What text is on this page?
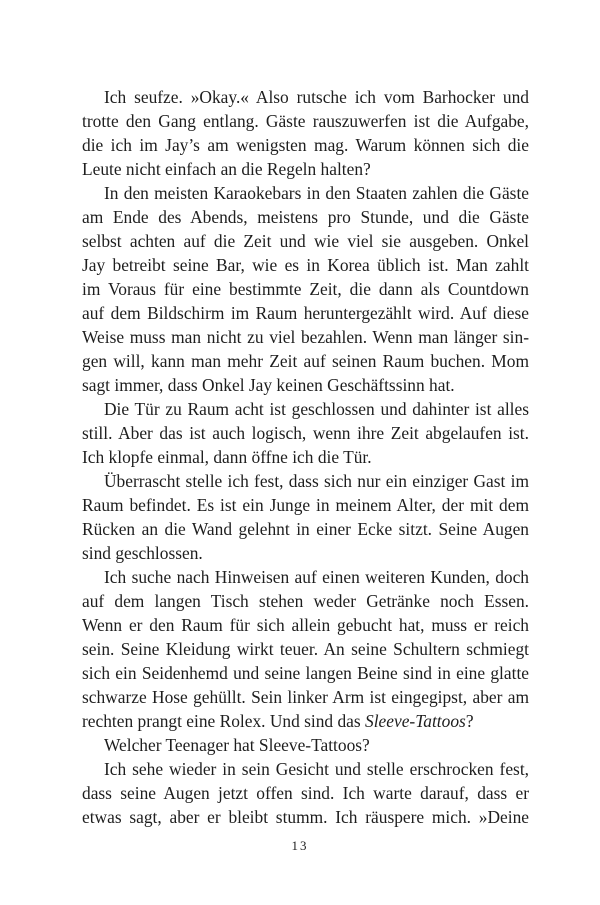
Ich seufze. »Okay.« Also rutsche ich vom Barhocker und
trotte den Gang entlang. Gäste rauszuwerfen ist die Aufgabe,
die ich im Jay’s am wenigsten mag. Warum können sich die
Leute nicht einfach an die Regeln halten?
In den meisten Karaokebars in den Staaten zahlen die Gäste
am Ende des Abends, meistens pro Stunde, und die Gäste
selbst achten auf die Zeit und wie viel sie ausgeben. Onkel
Jay betreibt seine Bar, wie es in Korea üblich ist. Man zahlt
im Voraus für eine bestimmte Zeit, die dann als Countdown
auf dem Bildschirm im Raum heruntergezählt wird. Auf diese
Weise muss man nicht zu viel bezahlen. Wenn man länger sin-
gen will, kann man mehr Zeit auf seinen Raum buchen. Mom
sagt immer, dass Onkel Jay keinen Geschäftssinn hat.
Die Tür zu Raum acht ist geschlossen und dahinter ist alles
still. Aber das ist auch logisch, wenn ihre Zeit abgelaufen ist.
Ich klopfe einmal, dann öffne ich die Tür.
Überrascht stelle ich fest, dass sich nur ein einziger Gast im
Raum befindet. Es ist ein Junge in meinem Alter, der mit dem
Rücken an die Wand gelehnt in einer Ecke sitzt. Seine Augen
sind geschlossen.
Ich suche nach Hinweisen auf einen weiteren Kunden, doch
auf dem langen Tisch stehen weder Getränke noch Essen.
Wenn er den Raum für sich allein gebucht hat, muss er reich
sein. Seine Kleidung wirkt teuer. An seine Schultern schmiegt
sich ein Seidenhemd und seine langen Beine sind in eine glatte
schwarze Hose gehüllt. Sein linker Arm ist eingegipst, aber am
rechten prangt eine Rolex. Und sind das Sleeve-Tattoos?
Welcher Teenager hat Sleeve-Tattoos?
Ich sehe wieder in sein Gesicht und stelle erschrocken fest,
dass seine Augen jetzt offen sind. Ich warte darauf, dass er
etwas sagt, aber er bleibt stumm. Ich räuspere mich. »Deine
13
